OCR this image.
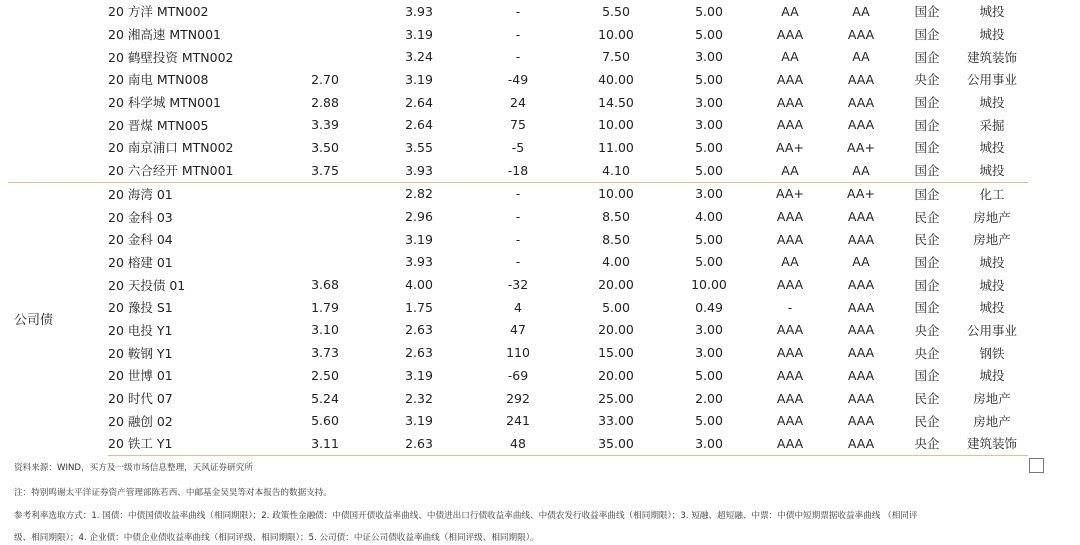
	20 方洋 MTN002		3.93	-	5.50	5.00	AA	AA	国企	城投
	20 湘高速 MTN001		3.19	-	10.00	5.00	AAA	AAA	国企	城投
	20 鹤壁投资 MTN002		3.24	-	7.50	3.00	AA	AA	国企	建筑装饰
	20 南电 MTN008	2.70	3.19	-49	40.00	5.00	AAA	AAA	央企	公用事业
	20 科学城 MTN001	2.88	2.64	24	14.50	3.00	AAA	AAA	国企	城投
	20 晋煤 MTN005	3.39	2.64	75	10.00	3.00	AAA	AAA	国企	采掘
	20 南京浦口 MTN002	3.50	3.55	-5	11.00	5.00	AA+	AA+	国企	城投
	20 六合经开 MTN001	3.75	3.93	-18	4.10	5.00	AA	AA	国企	城投
公司债	20 海湾 01		2.82	-	10.00	3.00	AA+	AA+	国企	化工
	20 金科 03		2.96	-	8.50	4.00	AAA	AAA	民企	房地产
	20 金科 04		3.19	-	8.50	5.00	AAA	AAA	民企	房地产
	20 榕建 01		3.93	-	4.00	5.00	AA	AA	国企	城投
	20 天投债 01	3.68	4.00	-32	20.00	10.00	AAA	AAA	国企	城投
	20 豫投 S1	1.79	1.75	4	5.00	0.49	-	AAA	国企	城投
	20 电投 Y1	3.10	2.63	47	20.00	3.00	AAA	AAA	央企	公用事业
	20 鞍钢 Y1	3.73	2.63	110	15.00	3.00	AAA	AAA	央企	钢铁
	20 世博 01	2.50	3.19	-69	20.00	5.00	AAA	AAA	国企	城投
	20 时代 07	5.24	2.32	292	25.00	2.00	AAA	AAA	民企	房地产
	20 融创 02	5.60	3.19	241	33.00	5.00	AAA	AAA	民企	房地产
	20 铁工 Y1	3.11	2.63	48	35.00	3.00	AAA	AAA	央企	建筑装饰
资料来源：WIND，买方及一级市场信息整理，天风证券研究所
注：特别鸣谢太平洋证券资产管理部陈若西、中邮基金吴昊等对本报告的数据支持。
参考利率选取方式：1. 国债：中债国债收益率曲线（相同期限）；2. 政策性金融债：中债国开债收益率曲线、中债进出口行债收益率曲线、中债农发行收益率曲线（相同期限）；3. 短融、超短融、中票：中债中短期票据收益率曲线 （相同评
级、相同期限）；4. 企业债：中债企业债收益率曲线（相同评级、相同期限）；5. 公司债：中证公司债收益率曲线（相同评级、相同期限）。
